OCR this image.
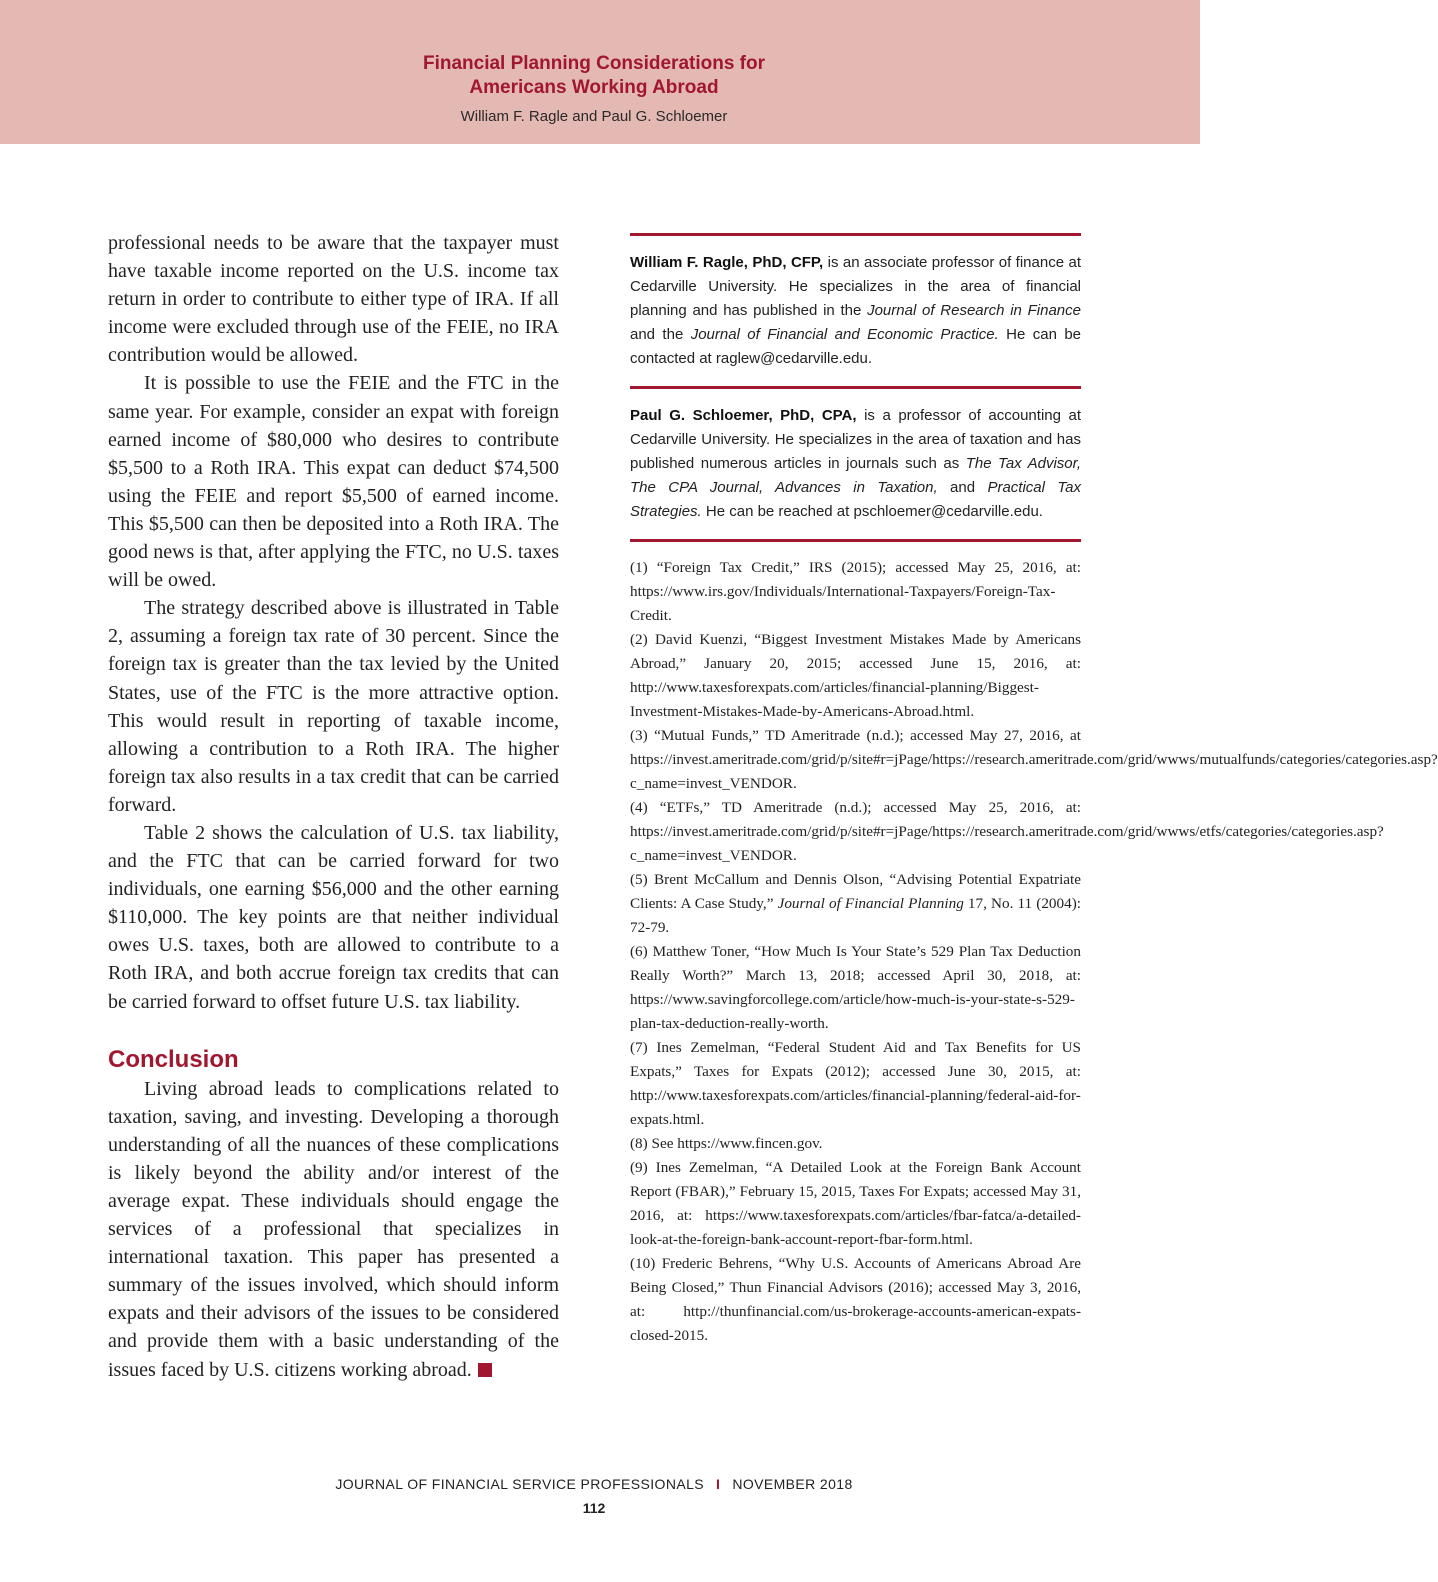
Financial Planning Considerations for
Americans Working Abroad
William F. Ragle and Paul G. Schloemer

professional needs to be aware that the taxpayer must have taxable income reported on the U.S. income tax return in order to contribute to either type of IRA. If all income were excluded through use of the FEIE, no IRA contribution would be allowed.

It is possible to use the FEIE and the FTC in the same year. For example, consider an expat with foreign earned income of $80,000 who desires to contribute $5,500 to a Roth IRA. This expat can deduct $74,500 using the FEIE and report $5,500 of earned income. This $5,500 can then be deposited into a Roth IRA. The good news is that, after applying the FTC, no U.S. taxes will be owed.

The strategy described above is illustrated in Table 2, assuming a foreign tax rate of 30 percent. Since the foreign tax is greater than the tax levied by the United States, use of the FTC is the more attractive option. This would result in reporting of taxable income, allowing a contribution to a Roth IRA. The higher foreign tax also results in a tax credit that can be carried forward.

Table 2 shows the calculation of U.S. tax liability, and the FTC that can be carried forward for two individuals, one earning $56,000 and the other earning $110,000. The key points are that neither individual owes U.S. taxes, both are allowed to contribute to a Roth IRA, and both accrue foreign tax credits that can be carried forward to offset future U.S. tax liability.

Conclusion

Living abroad leads to complications related to taxation, saving, and investing. Developing a thorough understanding of all the nuances of these complications is likely beyond the ability and/or interest of the average expat. These individuals should engage the services of a professional that specializes in international taxation. This paper has presented a summary of the issues involved, which should inform expats and their advisors of the issues to be considered and provide them with a basic understanding of the issues faced by U.S. citizens working abroad.

William F. Ragle, PhD, CFP, is an associate professor of finance at Cedarville University. He specializes in the area of financial planning and has published in the Journal of Research in Finance and the Journal of Financial and Economic Practice. He can be contacted at raglew@cedarville.edu.

Paul G. Schloemer, PhD, CPA, is a professor of accounting at Cedarville University. He specializes in the area of taxation and has published numerous articles in journals such as The Tax Advisor, The CPA Journal, Advances in Taxation, and Practical Tax Strategies. He can be reached at pschloemer@cedarville.edu.

(1) “Foreign Tax Credit,” IRS (2015); accessed May 25, 2016, at: https://www.irs.gov/Individuals/International-Taxpayers/Foreign-Tax-Credit.

(2) David Kuenzi, “Biggest Investment Mistakes Made by Americans Abroad,” January 20, 2015; accessed June 15, 2016, at: http://www.taxesforexpats.com/articles/financial-planning/Biggest-Investment-Mistakes-Made-by-Americans-Abroad.html.

(3) “Mutual Funds,” TD Ameritrade (n.d.); accessed May 27, 2016, at https://invest.ameritrade.com/grid/p/site#r=jPage/https://research.ameritrade.com/grid/wwws/mutualfunds/categories/categories.asp?c_name=invest_VENDOR.

(4) “ETFs,” TD Ameritrade (n.d.); accessed May 25, 2016, at: https://invest.ameritrade.com/grid/p/site#r=jPage/https://research.ameritrade.com/grid/wwws/etfs/categories/categories.asp?c_name=invest_VENDOR.

(5) Brent McCallum and Dennis Olson, “Advising Potential Expatriate Clients: A Case Study,” Journal of Financial Planning 17, No. 11 (2004): 72-79.

(6) Matthew Toner, “How Much Is Your State’s 529 Plan Tax Deduction Really Worth?” March 13, 2018; accessed April 30, 2018, at: https://www.savingforcollege.com/article/how-much-is-your-state-s-529-plan-tax-deduction-really-worth.

(7) Ines Zemelman, “Federal Student Aid and Tax Benefits for US Expats,” Taxes for Expats (2012); accessed June 30, 2015, at: http://www.taxesforexpats.com/articles/financial-planning/federal-aid-for-expats.html.

(8) See https://www.fincen.gov.

(9) Ines Zemelman, “A Detailed Look at the Foreign Bank Account Report (FBAR),” February 15, 2015, Taxes For Expats; accessed May 31, 2016, at: https://www.taxesforexpats.com/articles/fbar-fatca/a-detailed-look-at-the-foreign-bank-account-report-fbar-form.html.

(10) Frederic Behrens, “Why U.S. Accounts of Americans Abroad Are Being Closed,” Thun Financial Advisors (2016); accessed May 3, 2016, at: http://thunfinancial.com/us-brokerage-accounts-american-expats-closed-2015.

JOURNAL OF FINANCIAL SERVICE PROFESSIONALS I NOVEMBER 2018
112
